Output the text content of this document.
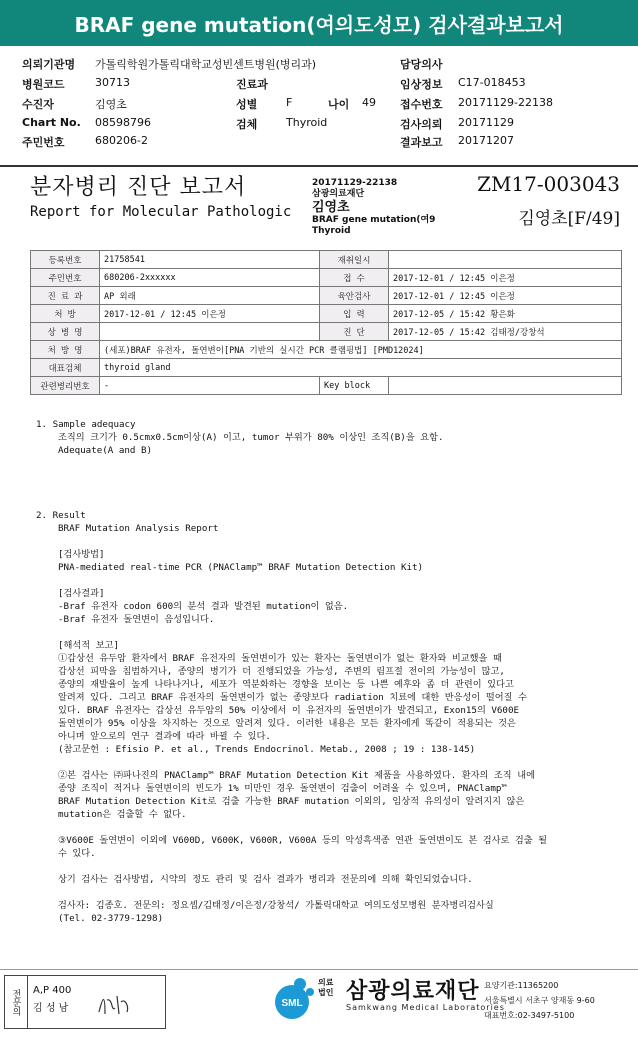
BRAF gene mutation(여의도성모) 검사결과보고서
의뢰기관명 가톨릭학원가톨릭대학교성빈센트병원(병리과)	담당의사
병원코드	30713	진료과	임상정보 C17-018453
수진자	김영초	성별	F	나이 49 접수번호 20171129-22138
Chart No. 08598796	검체	Thyroid	검사의뢰 20171129
주민번호	680206-2	결과보고 20171207
분자병리 진단 보고서
Report for Molecular Pathologic
20171129-22138
삼광의료재단
김영초
BRAF gene mutation(여9
Thyroid
ZM17-003043
김영초[F/49]
등록번호	21758541	재취일시	
주민번호	680206-2xxxxxx	접 수	2017-12-01 / 12:45 이은정
진 료 과	AP 외래	육안검사	2017-12-01 / 12:45 이은정
처 방	2017-12-01 / 12:45 이은정	입 력	2017-12-05 / 15:42 황은화
상 병 명		진 단	2017-12-05 / 15:42 김태정/강창석
처 방 명	(세포)BRAF 유전자, 돌연변이[PNA 기반의 실시간 PCR 클램핑법] [PMD12024]		
대표검체	thyroid gland		
관련병리번호	-	Key block	

1. Sample adequacy

조직의 크기가 0.5cmx0.5cm이상(A) 이고, tumor 부위가 80% 이상인 조직(B)을 요함.

Adequate(A and B)

2. Result

BRAF Mutation Analysis Report

[검사방법]

PNA-mediated real-time PCR (PNAClamp™ BRAF Mutation Detection Kit)

[검사결과]

-Braf 유전자 codon 600의 분석 결과 발견된 mutation이 없음.

-Braf 유전자 돌연변이 음성입니다.

[해석적 보고]

①갑상선 유두암 환자에서 BRAF 유전자의 돌연변이가 있는 환자는 돌연변이가 없는 환자와 비교했을 때

갑상선 피막을 침범하거나, 종양의 병기가 더 진행되었을 가능성, 주변의 림프절 전이의 가능성이 많고,

종양의 재발율이 높게 나타나거나, 세포가 역분화하는 경향을 보이는 등 나쁜 예후와 좀 더 관련이 있다고

알려져 있다. 그리고 BRAF 유전자의 돌연변이가 없는 종양보다 radiation 치료에 대한 반응성이 떨어질 수

있다. BRAF 유전자는 갑상선 유두암의 50% 이상에서 이 유전자의 돌연변이가 발견되고, Exon15의 V600E

돌연변이가 95% 이상을 차지하는 것으로 알려져 있다. 이러한 내용은 모든 환자에게 똑같이 적용되는 것은

아니며 앞으로의 연구 결과에 따라 바뀔 수 있다.

(참고문헌 : Efisio P. et al., Trends Endocrinol. Metab., 2008 ; 19 : 138-145)

②본 검사는 ㈜파나진의 PNAClamp™ BRAF Mutation Detection Kit 제품을 사용하였다. 환자의 조직 내에

종양 조직이 적거나 돌연변이의 빈도가 1% 미만인 경우 돌연변이 검출이 어려울 수 있으며, PNAClamp™

BRAF Mutation Detection Kit로 검출 가능한 BRAF mutation 이외의, 임상적 유의성이 알려지지 않은

mutation은 검출할 수 없다.

③V600E 돌연변이 이외에 V600D, V600K, V600R, V600A 등의 악성흑색종 연관 돌연변이도 본 검사로 검출 될

수 있다.

상기 검사는 검사방법, 시약의 정도 관리 및 검사 결과가 병리과 전문의에 의해 확인되었습니다.

검사자: 김종호. 전문의: 정요셉/김태정/이은정/강창석/ 가톨릭대학교 여의도성모병원 분자병리검사실

(Tel. 02-3779-1298)

전문의	A,P 400
김 성 남	SML
의료
법인 삼광의료재단
Samkwang Medical Laboratories
요양기관:11365200
서울특별시 서초구 양재동 9-60
대표번호:02-3497-5100
